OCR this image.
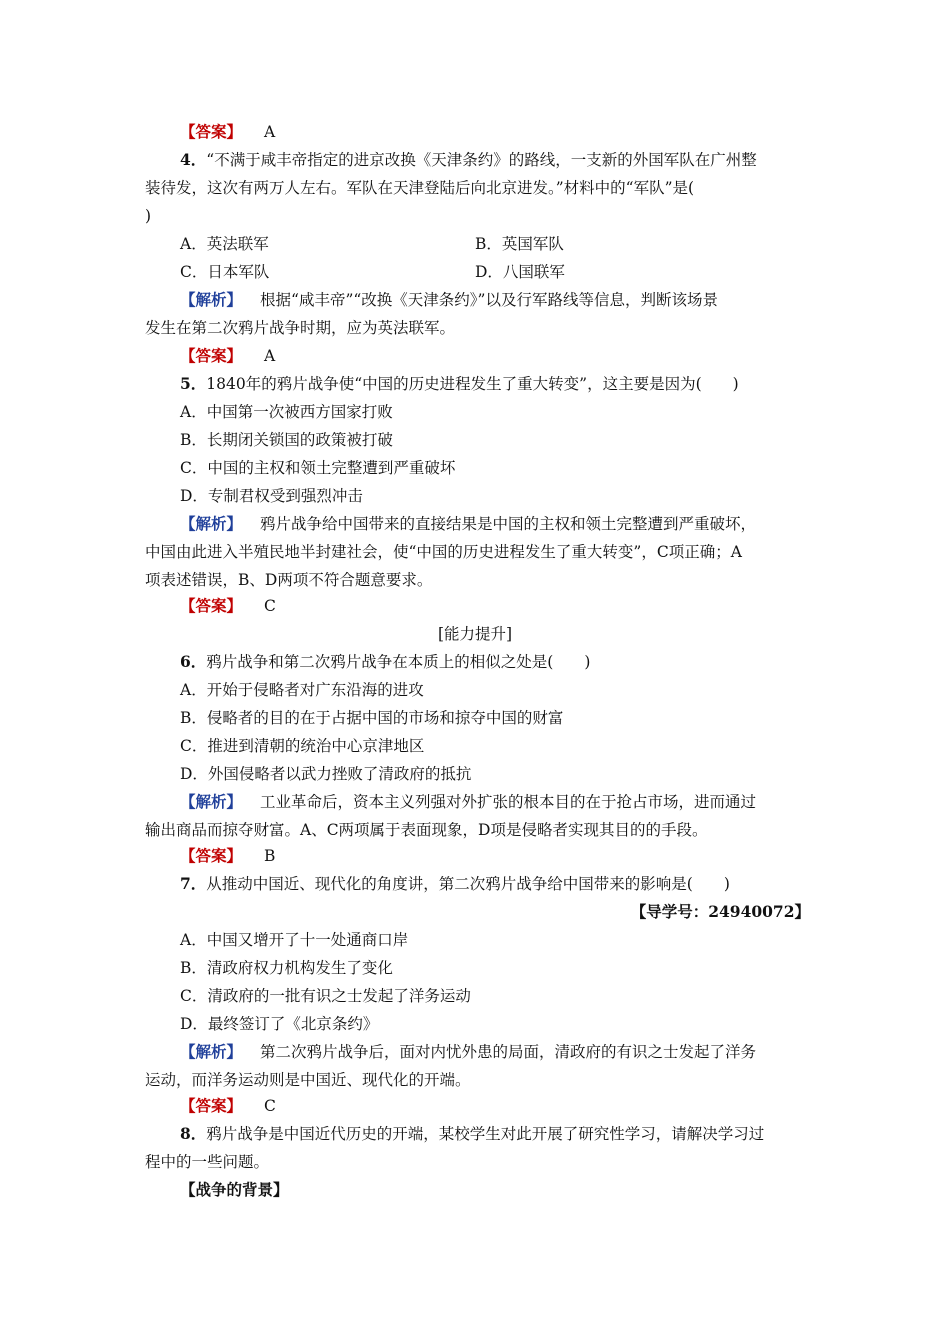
【答案】 A
4．“不满于咸丰帝指定的进京改换《天津条约》的路线，一支新的外国军队在广州整
装待发，这次有两万人左右。军队在天津登陆后向北京进发。”材料中的“军队”是(
)
A．英法联军	B．英国军队
C．日本军队	D．八国联军
【解析】 根据“咸丰帝”“改换《天津条约》”以及行军路线等信息，判断该场景
发生在第二次鸦片战争时期，应为英法联军。
【答案】 A
5．1840年的鸦片战争使“中国的历史进程发生了重大转变”，这主要是因为(　　)
A．中国第一次被西方国家打败
B．长期闭关锁国的政策被打破
C．中国的主权和领土完整遭到严重破坏
D．专制君权受到强烈冲击
【解析】 鸦片战争给中国带来的直接结果是中国的主权和领土完整遭到严重破坏，
中国由此进入半殖民地半封建社会，使“中国的历史进程发生了重大转变”，C项正确；A
项表述错误，B、D两项不符合题意要求。
【答案】 C
[能力提升]
6．鸦片战争和第二次鸦片战争在本质上的相似之处是(　　)
A．开始于侵略者对广东沿海的进攻
B．侵略者的目的在于占据中国的市场和掠夺中国的财富
C．推进到清朝的统治中心京津地区
D．外国侵略者以武力挫败了清政府的抵抗
【解析】 工业革命后，资本主义列强对外扩张的根本目的在于抢占市场，进而通过
输出商品而掠夺财富。A、C两项属于表面现象，D项是侵略者实现其目的的手段。
【答案】 B
7．从推动中国近、现代化的角度讲，第二次鸦片战争给中国带来的影响是(　　)
【导学号：24940072】
A．中国又增开了十一处通商口岸
B．清政府权力机构发生了变化
C．清政府的一批有识之士发起了洋务运动
D．最终签订了《北京条约》
【解析】 第二次鸦片战争后，面对内忧外患的局面，清政府的有识之士发起了洋务
运动，而洋务运动则是中国近、现代化的开端。
【答案】 C
8．鸦片战争是中国近代历史的开端，某校学生对此开展了研究性学习，请解决学习过
程中的一些问题。
【战争的背景】
